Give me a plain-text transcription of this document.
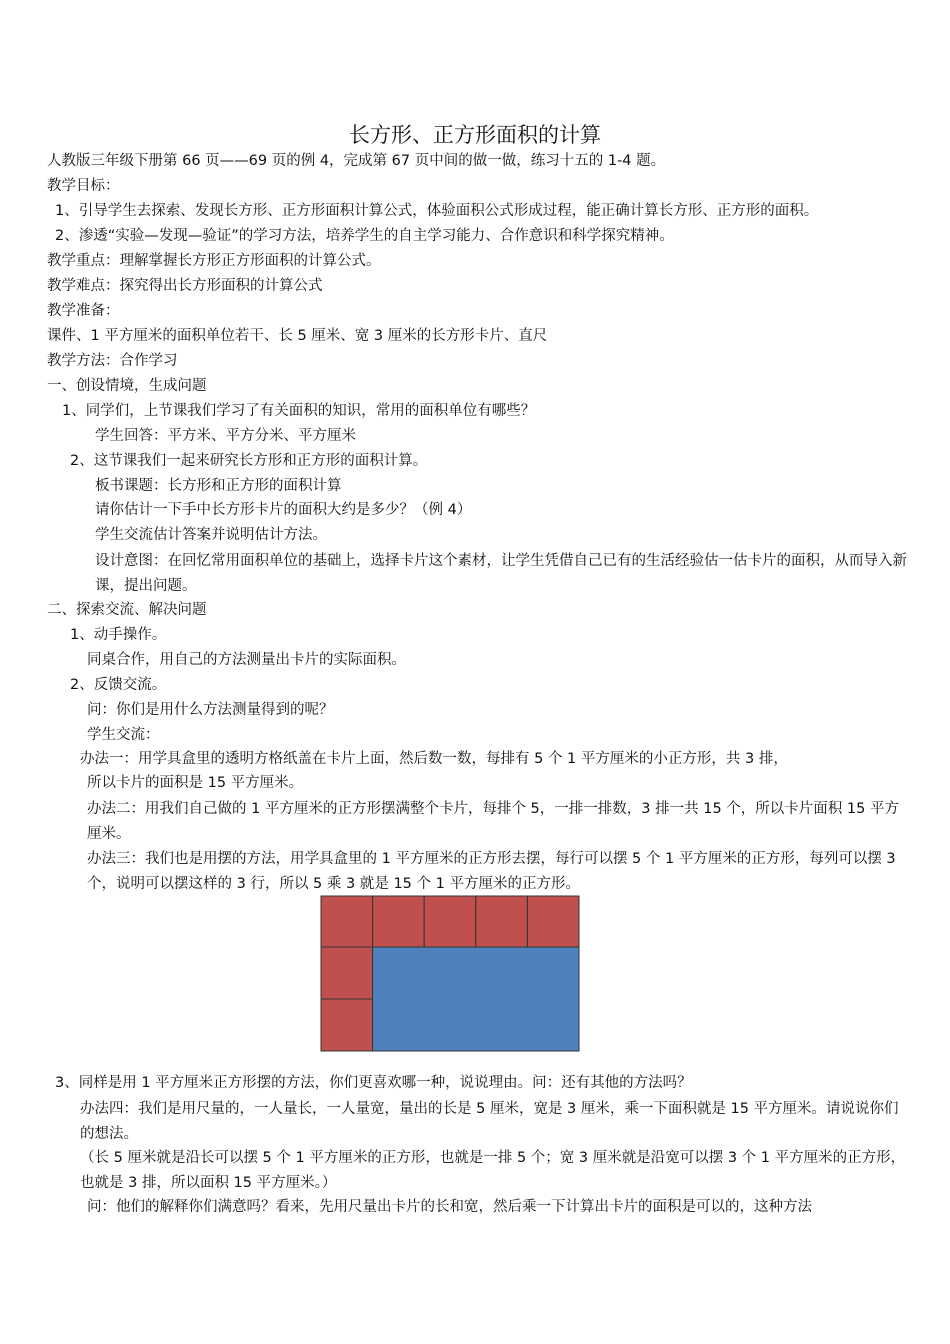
长方形、正方形面积的计算
人教版三年级下册第 66 页——69 页的例 4，完成第 67 页中间的做一做，练习十五的 1-4 题。
教学目标：
1、引导学生去探索、发现长方形、正方形面积计算公式，体验面积公式形成过程，能正确计算长方形、正方形的面积。
2、渗透“实验—发现—验证”的学习方法，培养学生的自主学习能力、合作意识和科学探究精神。
教学重点：理解掌握长方形正方形面积的计算公式。
教学难点：探究得出长方形面积的计算公式
教学准备：
课件、1 平方厘米的面积单位若干、长 5 厘米、宽 3 厘米的长方形卡片、直尺
教学方法：合作学习
一、创设情境，生成问题
1、同学们，上节课我们学习了有关面积的知识，常用的面积单位有哪些？
学生回答：平方米、平方分米、平方厘米
2、这节课我们一起来研究长方形和正方形的面积计算。
板书课题：长方形和正方形的面积计算
请你估计一下手中长方形卡片的面积大约是多少？（例 4）
学生交流估计答案并说明估计方法。
设计意图：在回忆常用面积单位的基础上，选择卡片这个素材，让学生凭借自己已有的生活经验估一估卡片的面积，从而导入新课，提出问题。
二、探索交流、解决问题
1、动手操作。
同桌合作，用自己的方法测量出卡片的实际面积。
2、反馈交流。
问：你们是用什么方法测量得到的呢？
学生交流：
办法一：用学具盒里的透明方格纸盖在卡片上面，然后数一数，每排有 5 个 1 平方厘米的小正方形，共 3 排，
所以卡片的面积是 15 平方厘米。
办法二：用我们自己做的 1 平方厘米的正方形摆满整个卡片，每排个 5，一排一排数，3 排一共 15 个，所以卡片面积 15 平方厘米。
办法三：我们也是用摆的方法，用学具盒里的 1 平方厘米的正方形去摆，每行可以摆 5 个 1 平方厘米的正方形，每列可以摆 3 个，说明可以摆这样的 3 行，所以 5 乘 3 就是 15 个 1 平方厘米的正方形。
3、同样是用 1 平方厘米正方形摆的方法，你们更喜欢哪一种，说说理由。问：还有其他的方法吗？
办法四：我们是用尺量的，一人量长，一人量宽，量出的长是 5 厘米，宽是 3 厘米，乘一下面积就是 15 平方厘米。请说说你们的想法。
（长 5 厘米就是沿长可以摆 5 个 1 平方厘米的正方形，也就是一排 5 个；宽 3 厘米就是沿宽可以摆 3 个 1 平方厘米的正方形，也就是 3 排，所以面积 15 平方厘米。）
问：他们的解释你们满意吗？看来，先用尺量出卡片的长和宽，然后乘一下计算出卡片的面积是可以的，这种方法
